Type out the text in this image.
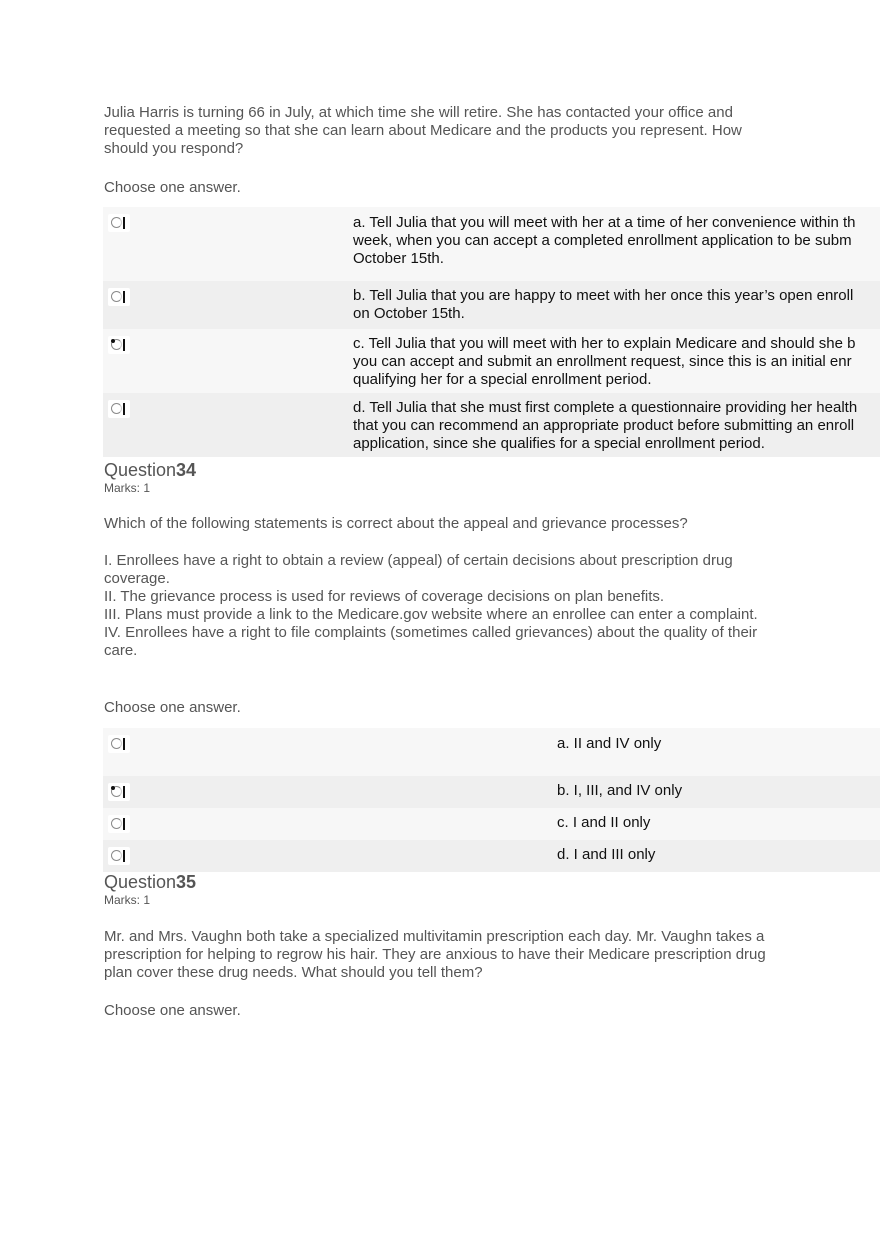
Julia Harris is turning 66 in July, at which time she will retire. She has contacted your office and requested a meeting so that she can learn about Medicare and the products you represent. How should you respond?

Choose one answer.
a. Tell Julia that you will meet with her at a time of her convenience within th
week, when you can accept a completed enrollment application to be subm
October 15th.
b. Tell Julia that you are happy to meet with her once this year’s open enroll
on October 15th.
c. Tell Julia that you will meet with her to explain Medicare and should she b
you can accept and submit an enrollment request, since this is an initial enr
qualifying her for a special enrollment period.
d. Tell Julia that she must first complete a questionnaire providing her health
that you can recommend an appropriate product before submitting an enroll
application, since she qualifies for a special enrollment period.
Question34
Marks: 1

Which of the following statements is correct about the appeal and grievance processes?

I. Enrollees have a right to obtain a review (appeal) of certain decisions about prescription drug coverage.
II. The grievance process is used for reviews of coverage decisions on plan benefits.
III. Plans must provide a link to the Medicare.gov website where an enrollee can enter a complaint.
IV. Enrollees have a right to file complaints (sometimes called grievances) about the quality of their care.

Choose one answer.
a. II and IV only
b. I, III, and IV only
c. I and II only
d. I and III only
Question35
Marks: 1

Mr. and Mrs. Vaughn both take a specialized multivitamin prescription each day. Mr. Vaughn takes a prescription for helping to regrow his hair. They are anxious to have their Medicare prescription drug plan cover these drug needs. What should you tell them?

Choose one answer.
